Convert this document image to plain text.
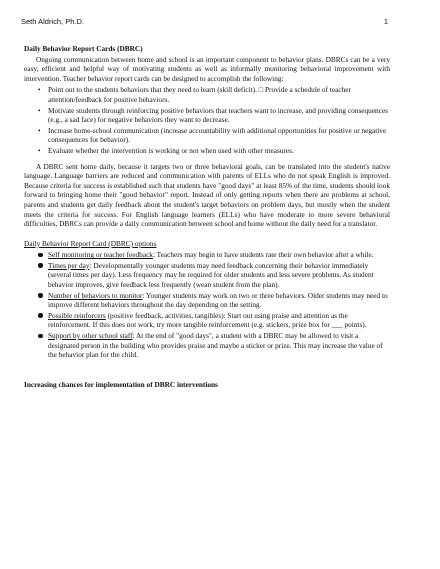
Seth Aldrich, Ph.D.	1
Daily Behavior Report Cards (DBRC)

Ongoing communication between home and school is an important component to behavior plans. DBRCs can be a very easy, efficient and helpful way of motivating students as well as informally monitoring behavioral improvement with intervention. Teacher behavior report cards can be designed to accomplish the following:

• Point out to the students behaviors that they need to learn (skill deficit). □ Provide a schedule of teacher attention/feedback for positive behaviors.
• Motivate students through reinforcing positive behaviors that teachers want to increase, and providing consequences (e.g., a sad face) for negative behaviors they want to decrease.
• Increase home-school communication (increase accountability with additional opportunities for positive or negative consequences for behavior).
• Evaluate whether the intervention is working or not when used with other measures.

A DBRC sent home daily, because it targets two or three behavioral goals, can be translated into the student's native language. Language barriers are reduced and communication with parents of ELLs who do not speak English is improved. Because criteria for success is established such that students have "good days" at least 85% of the time, students should look forward to bringing home their "good behavior" report. Instead of only getting reports when there are problems at school, parents and students get daily feedback about the student's target behaviors on problem days, but mostly when the student meets the criteria for success. For English language learners (ELLs) who have moderate to more severe behavioral difficulties, DBRCs can provide a daily communication between school and home without the daily need for a translator.

Daily Behavior Report Card (DBRC) options
Self monitoring or teacher feedback: Teachers may begin to have students rate their own behavior after a while.
Times per day: Developmentally younger students may need feedback concerning their behavior immediately (several times per day). Less frequency may be required for older students and less severe problems. As student behavior improves, give feedback less frequently (wean student from the plan).
Number of behaviors to monitor: Younger students may work on two or three behaviors. Older students may need to improve different behaviors throughout the day depending on the setting.
Possible reinforcers (positive feedback, activities, tangibles): Start out using praise and attention as the reinforcement. If this does not work, try more tangible reinforcement (e.g. stickers, prize box for ___ points).
Support by other school staff: At the end of "good days", a student with a DBRC may be allowed to visit a designated person in the building who provides praise and maybe a sticker or prize. This may increase the value of the behavior plan for the child.
Increasing chances for implementation of DBRC interventions
